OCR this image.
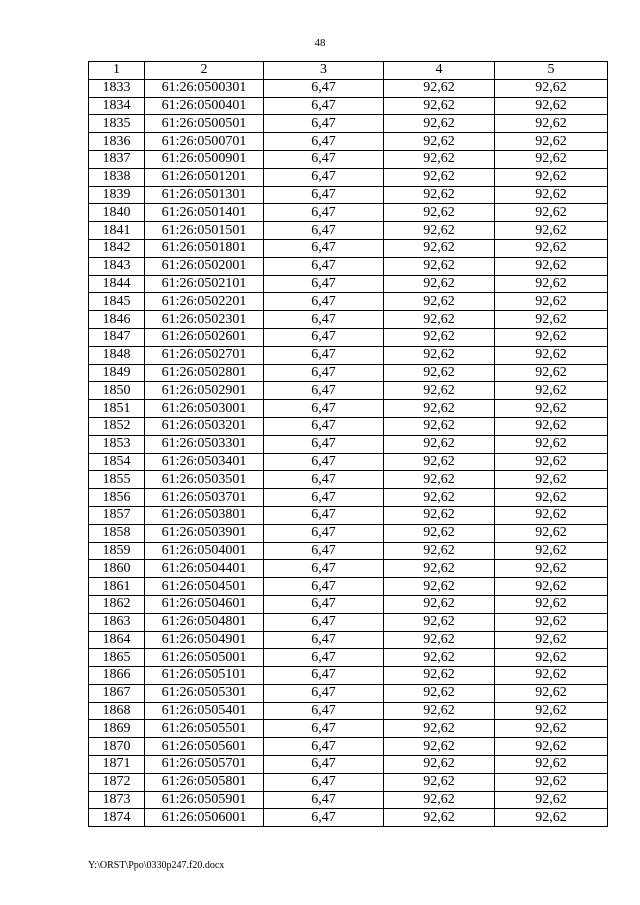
48
1	2	3	4	5
1833	61:26:0500301	6,47	92,62	92,62
1834	61:26:0500401	6,47	92,62	92,62
1835	61:26:0500501	6,47	92,62	92,62
1836	61:26:0500701	6,47	92,62	92,62
1837	61:26:0500901	6,47	92,62	92,62
1838	61:26:0501201	6,47	92,62	92,62
1839	61:26:0501301	6,47	92,62	92,62
1840	61:26:0501401	6,47	92,62	92,62
1841	61:26:0501501	6,47	92,62	92,62
1842	61:26:0501801	6,47	92,62	92,62
1843	61:26:0502001	6,47	92,62	92,62
1844	61:26:0502101	6,47	92,62	92,62
1845	61:26:0502201	6,47	92,62	92,62
1846	61:26:0502301	6,47	92,62	92,62
1847	61:26:0502601	6,47	92,62	92,62
1848	61:26:0502701	6,47	92,62	92,62
1849	61:26:0502801	6,47	92,62	92,62
1850	61:26:0502901	6,47	92,62	92,62
1851	61:26:0503001	6,47	92,62	92,62
1852	61:26:0503201	6,47	92,62	92,62
1853	61:26:0503301	6,47	92,62	92,62
1854	61:26:0503401	6,47	92,62	92,62
1855	61:26:0503501	6,47	92,62	92,62
1856	61:26:0503701	6,47	92,62	92,62
1857	61:26:0503801	6,47	92,62	92,62
1858	61:26:0503901	6,47	92,62	92,62
1859	61:26:0504001	6,47	92,62	92,62
1860	61:26:0504401	6,47	92,62	92,62
1861	61:26:0504501	6,47	92,62	92,62
1862	61:26:0504601	6,47	92,62	92,62
1863	61:26:0504801	6,47	92,62	92,62
1864	61:26:0504901	6,47	92,62	92,62
1865	61:26:0505001	6,47	92,62	92,62
1866	61:26:0505101	6,47	92,62	92,62
1867	61:26:0505301	6,47	92,62	92,62
1868	61:26:0505401	6,47	92,62	92,62
1869	61:26:0505501	6,47	92,62	92,62
1870	61:26:0505601	6,47	92,62	92,62
1871	61:26:0505701	6,47	92,62	92,62
1872	61:26:0505801	6,47	92,62	92,62
1873	61:26:0505901	6,47	92,62	92,62
1874	61:26:0506001	6,47	92,62	92,62
Y:\ORST\Ppo\0330p247.f20.docx
